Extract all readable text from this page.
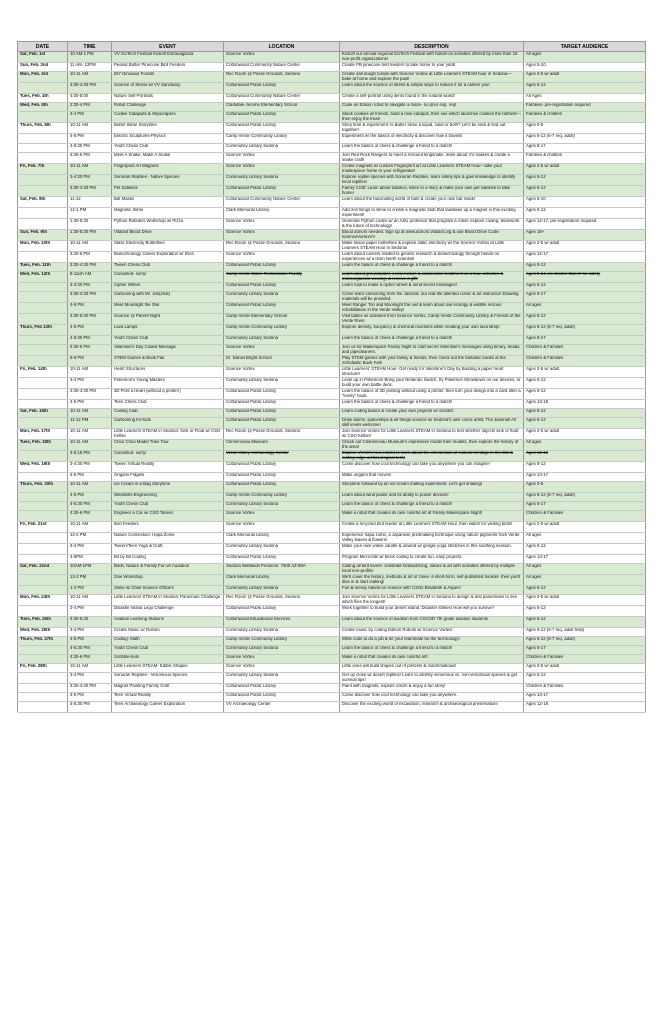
DATE	TIME	EVENT	LOCATION	DESCRIPTION	TARGET AUDIENCE
Sat, Feb. 1st	10 AM-1 PM	VV SciTech Festival Kickoff Extravaganza	Science Vortex	Kickoff our annual regional SciTech Festival with hands-on activities offered by more than 15 non-profit organizations!	All ages
Sun, Feb. 2nd	11 AM- 12PM	Peanut Butter Pinecone Bird Feeders	Cottonwood Community Nature Center	Create PB pinecone bird feeders to take home to your yard!	Ages 5-10
Mon, Feb. 3rd	10-11 AM	DIY Dinosaur Fossils	Rec Room @ Posse Grounds, Sedona	Create salt dough fossils with Science Vortex at Little Learners STEAM hour in Sedona— bake at home and explore the past!	Ages 2-5 w/ adult
	3:30-4:30 PM	Science of Stress w/ VV Sanctuary	Cottonwood Public Library	Learn about the science of stress & simple ways to reduce it for a calmer you!	Ages 6-12
Tues, Feb. 4th	4:00-5:00	Nature Self-Portraits	Cottonwood Community Nature Center	Create a self-portrait using items found in the natural world!	All Ages
Wed, Feb. 5th	2:30-4 PM	Robot Challenge	Clarkdale-Jerome Elementary School	Code an Edison robot to navigate a maze- no prior exp. req!	Families- pre-registration required
	3-4 PM	Cookie Catapults & Skyscrapers	Cottonwood Public Library	Stack cookies w/ friends, build a mini-catapult, then see which launches cookies the farthest— then enjoy the treat!	Families & children
Thurs, Feb. 6th	10-11 AM	Butter Slime Storytime	Cottonwood Public Library	Story time & experiment: Is Butter slime a liquid, solid or both? Let's be slick & find out together!	Ages 0-5
	4-5 PM	Electric Sculptures-Physics	Camp Verde Community Library	Experiment w/ the basics of electricity & discover how it travels!	Ages 6-12 (6-7 req. adult)
	4-5:30 PM	Youth Chess Club	Community Library Sedona	Learn the basics of chess & challenge a friend to a match!	Ages 8-17
	4:30-6 PM	Meet A Snake, Make A Snake	Science Vortex	Join Red Rock Rangers to meet a rescued kingsnake, learn about VV snakes & create a snake craft!	Families & children
Fri, Feb. 7th	10-11 AM	Fingerprint Art Magnets	Science Vortex	Create magnets w/ custom Fingerprint art at Little Learners STEAM Hour– take your masterpiece home to your refrigerator!	Ages 2-5 w/ adult
	3-4:30 PM	Sonoran Reptiles - Native Species	Community Library Sedona	Explore reptile species with Sonoran Reptiles, learn safety tips & gain knowledge to identify local reptiles!	Ages 6-12
	3:30-4:30 PM	Pet Sidekick	Cottonwood Public Library	Family Craft: Learn about balance, listen to a story & make your own pet sidekick to take home!	Ages 6-12
Sat, Feb. 8th	11-12	Bat Masks	Cottonwood Community Nature Center	Learn about the fascinating world of bats & create your own bat mask!	Ages 5-10
	12-1 PM	Magnetic Slime	Clark Memorial Library	Add iron filings to slime to create a magnetic blob that swallows up a magnet in this exciting experiment!	Ages 6-12
	1:30-5:30	Python Robotics Workshop w/ Pizza	Science Vortex	Generate Python codes w/ an ASU professor that program a robot- explore coding, teamwork & the future of technology!	Ages 12-17, pre-registration required
Sun, Feb. 9th	1:30-5:30 PM	Vitalant Blood Drive	Science Vortex	Blood donors needed. Sign up at www.donors.vitalant.org & use Blood Drive Code: ScienceVortexVV	Ages 18+
Mon, Feb. 10th	10-11 AM	Static Electricity Butterflies	Rec Room @ Posse Grounds, Sedona	Make tissue paper butterflies & explore static electricity w/ the Science Vortex at Little Learners STEAM Hour in Sedona!	Ages 2-5 w/ adult
	3:30-5 PM	Biotechnology Career Exploration w/ tGen	Science Vortex	Learn about careers related to genetic research & biotechnology through hands-on experiences w/ a tGen North scientist!	Ages 12-17
Tues, Feb. 11th	3:30-4:30 PM	Tween Chess Club	Cottonwood Public Library	Learn the basics of chess & challenge a friend to a match!	Ages 8-12
Wed, Feb. 12th	8-11ish AM	Cancelled- sorry!	Camp Verde Water Reclamation Facility	Learn about groundwater, conservation & wastewater treatment w/ a tour, activities & microorganism viewing, & receive a gift!	Ages 9-14, no shorter than 5' for safety
	3-3:30 PM	Cipher Wheel	Cottonwood Public Library	Learn how to make a cipher wheel & send secret messages!	Ages 6-12
	3:30-4:30 PM	Cartooning with Mr. Jan(imal)	Community Library Sedona	Come learn cartooning from the Janimal, our real-life talented comic & art instructor! Drawing materials will be provided.	Ages 8-17
	4-5 PM	Meet Moonlight the Owl	Cottonwood Public Library	Meet Ranger Tori and Moonlight the owl & learn about owl ecology & wildlife rescue/ rehabilitation in the Verde Valley!	All ages
	4:30-6:30 PM	Science @ Parent Night	Camp Verde Elementary School	Visit tables w/ activities from Science Vortex, Camp Verde Community Library & Friends of the Verde River.	Ages 5-12
Thurs, Feb 13th	4-5 PM	Lava Lamps	Camp Verde Community Library	Explore density, buoyancy & chemical reactions while creating your own lava lamp!	Ages 6-12 (6-7 req. adult)
	4-5:30 PM	Youth Chess Club	Community Library Sedona	Learn the basics of chess & challenge a friend to a match!	Ages 8-17
	4:30-6 PM	Valentine's Day Coded Message	Science Vortex	Join us for Makerspace Family Night to craft secret Valentine's messages using binary, beads, and pipecleaners.	Children & Families
	5-6 PM	STEM Games & Book Fair	Dr. Daniel Bright School	Play STEM games with your family & friends, then check out the fantastic books at the Scholastic Book Fair!	Children & Families
Fri, Feb. 14th	10-11 AM	Heart Structures	Science Vortex	Little Learners' STEAM Hour- Get ready for Valentine's Day by building a paper heart structure!	Ages 2-5 w/ adult
	3-4 PM	Pokemon's Young Masters	Community Library Sedona	Level up in Pokémon! Bring your Nintendo Switch, try Pokémon Showdown on our devices, or build your own battle deck.	Ages 6-12
	3:30-4:30 PM	3D Print a Heart (without a printer!)	Cottonwood Public Library	Learn the basics of 3D printing without using a printer, then turn your design into a card after a "lovely" book.	Ages 6-12
	4-5 PM	Teen Chess Club	Cottonwood Public Library	Learn the basics of chess & challenge a friend to a match!	Ages 13-18
Sat, Feb. 15th	10-11 AM	Coding Club	Cottonwood Public Library	Learn coding basics & create your own projects w/ Scratch.	Ages 8-12
	11-12 PM	Cartooning for Kids	Cottonwood Public Library	Draw atoms, spaceships & all things science w/ Sedona's own comic artist, The Janimal! All skill levels welcome!	Ages 6-12
Mon, Feb. 17th	10-11 AM	Little Learners STEAM in Sedona: Sink or Float w/ CSO Kellan	Rec Room @ Posse Grounds, Sedona	Join Science Vortex for Little Learners STEAM in Sedona to test whether objects sink or float w/ CSO Kellan!	Ages 2-5 w/ adult
Tues, Feb. 18th	10-11 AM	Choo Choo Model Train Tour	Clemenceau Museum	Check out Clemenceau Museum's impressive model train models, then explore the history of the area!	All ages
	4-5:15 PM	Cancelled- sorry!	Verde Valley Archaeology Center	Explore VVAC's new exhibit to learn about the intersection of cultural heritage in the SW & cutting-edge archaeological tech!	Ages 12-18
Wed, Feb. 19th	3-4:30 PM	Tween Virtual Reality	Cottonwood Public Library	Come discover how cool technology can take you anywhere you can imagine!	Ages 8-12
	4-5 PM	Origami Fidgets	Cottonwood Public Library	Make origami that moves!	Ages 13-17
Thurs, Feb. 20th	10-11 AM	Ice Cream in a Bag Storytime	Cottonwood Public Library	Storytime followed by an ice-cream making experiment. Let's get shaking!	Ages 0-5
	4-5 PM	Windmills-Engineering	Camp Verde Community Library	Learn about wind power and its ability to power devices!	Ages 6-12 (6-7 req. adult)
	4-5:30 PM	Youth Chess Club	Community Library Sedona	Learn the basics of chess & challenge a friend to a match!	Ages 8-17
	4:30-6 PM	Engineer a Car w/ CSO Tanner	Science Vortex	Make a robot that creates its own colorful art at Family Makerspace Night!	Children & Families
Fri, Feb. 21st	10-11 AM	Bird Feeders	Science Vortex	Create a recycled bird feeder at Little Learners STEAM Hour, then watch for visiting birds!	Ages 2-5 w/ adult
	12-2 PM	Nature Connection: Hapa Zome	Clark Memorial Library	Experience hapa zome, a Japanese printmaking technique using nature pigments from Verde Valley leaves & flowers!	All ages
	3-4 PM	Tween/Teen Yoga & Craft	Community Library Sedona	Make your own votive candle & unwind w/ gengle yoga stretches in this soothing session.	Ages 6-12
	4-5PM	Bit by Bit Coding	Cottonwood Public Library	Program Micro:bits w/ block coding to create fun, easy projects.	Ages 13-17
Sat, Feb. 22nd	10AM-1PM	Birds, Nature & Family Fun w/ Audubon	Sedona Wetlands Preserve: 7500 AZ-89A	Calling all bird lovers- celebrate birdwatching, nature & art with activities offered by multiple local non-profits!	All ages
	12-2 PM	Zine Workshop	Clark Memorial Library	We'll cover the history, methods & art of zines- a short-form, self-published booklet- then you'll dive in & start making!	All ages
	1-2 PM	Slime w/ Chief Science Officers	Community Library Sedona	Fun & messy hands-on science with CSOs Elisabeth & Aspen!	Ages 6-12
Mon, Feb. 24th	10-11 AM	Little Learners STEAM in Sedona: Parachute Challenge	Rec Room @ Posse Grounds, Sedona	Join Science Vortex for Little Learners STEAM in Sedona to design & test parachutes to see which flies the longest!	Ages 2-5 w/ adult
	3-4 PM	Disaster Island Lego Challenge	Cottonwood Public Library	Work together to build your desert island. Disaster strikes! How will you survive?	Ages 6-12
Tues, Feb. 25th	4:30-5:30	Aviation Learning Stations	Cottonwood Educational Services	Learn about the science of aviation from COCSD 7th grade aviation students	Ages 6-12
Wed, Feb. 26th	3-4 PM	Create Music w/ Robots	Community Library Sedona	Create music by coding Edison Robots w/ Science Vortex!	Ages 6-12 (6-7 req. adult help)
Thurs, Feb. 27th	4-5 PM	Coding- Math	Camp Verde Community Library	Write code to do a job & let your teammate be the technology!	Ages 6-12 (6-7 req. adult)
	4-5:30 PM	Youth Chess Club	Community Library Sedona	Learn the basics of chess & challenge a friend to a match!	Ages 8-17
	4:30-6 PM	Scribble-bots	Science Vortex	Make a robot that creates its own colorful art!	Children & Families
Fri, Feb. 28th	10-11 AM	Little Learners STEAM- Edible Shapes	Science Vortex	Little ones will build shapes out of pretzels & marshmallows!	Ages 2-5 w/ adult
	3-4 PM	Sonoran Reptiles - Venomous Species	Community Library Sedona	Get up close w/ desert reptiles! Learn to identify venomous vs. non-venomous species & get survival tips!	Ages 6-12
	3:30-4:30 PM	Magnet Painting Family Craft	Cottonwood Public Library	Paint with magnets, explore colors & enjoy a fun story!	Children & Families
	4-5 PM	Teen Virtual Reality	Cottonwood Public Library	Come discover how cool technology can take you anywhere.	Ages 13-17
	4-5:30 PM	Teen Archaeology Career Exploration	VV Archaeology Center	Discover the exciting world of excavation, research & archaeological preservation!	Ages 12-18
